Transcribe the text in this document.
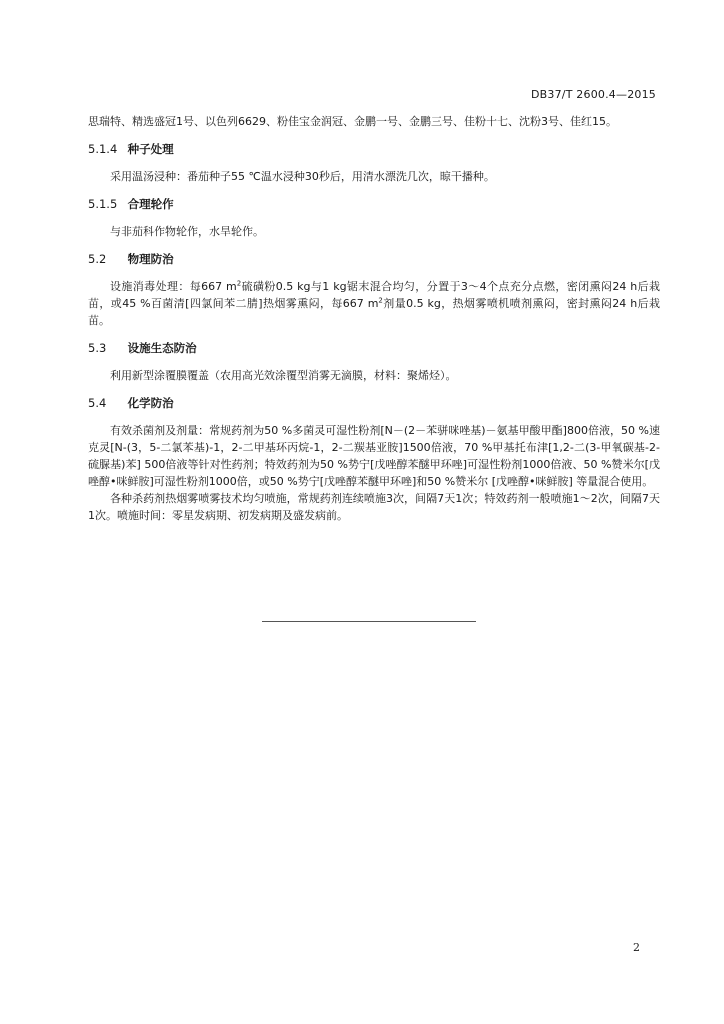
DB37/T 2600.4—2015

思瑞特、精选盛冠1号、以色列6629、粉佳宝金润冠、金鹏一号、金鹏三号、佳粉十七、沈粉3号、佳红15。

5.1.4 种子处理

采用温汤浸种：番茄种子55 ℃温水浸种30秒后，用清水漂洗几次，晾干播种。

5.1.5 合理轮作

与非茄科作物轮作，水旱轮作。

5.2 物理防治

设施消毒处理：每667 $m^2$硫磺粉0.5 kg与1 kg锯末混合均匀，分置于3～4个点充分点燃，密闭熏闷24 h后栽苗，或45 %百菌清[四氯间苯二腈]热烟雾熏闷，每667 $m^2$剂量0.5 kg，热烟雾喷机喷剂熏闷，密封熏闷24 h后栽苗。

5.3 设施生态防治

利用新型涂覆膜覆盖（农用高光效涂覆型消雾无滴膜，材料：聚烯烃）。

5.4 化学防治

有效杀菌剂及剂量：常规药剂为50 %多菌灵可湿性粉剂[N－(2－苯骈咪唑基)－氨基甲酸甲酯]800倍液，50 %速克灵[N-(3，5-二氯苯基)-1，2-二甲基环丙烷-1，2-二羰基亚胺]1500倍液，70 %甲基托布津[1,2-二(3-甲氧碳基-2-硫脲基)苯] 500倍液等针对性药剂；特效药剂为50 %势宁[戊唑醇苯醚甲环唑]可湿性粉剂1000倍液、50 %赞米尔[戊唑醇•咪鲜胺]可湿性粉剂1000倍，或50 %势宁[戊唑醇苯醚甲环唑]和50 %赞米尔 [戊唑醇•咪鲜胺] 等量混合使用。

各种杀药剂热烟雾喷雾技术均匀喷施，常规药剂连续喷施3次，间隔7天1次；特效药剂一般喷施1～2次，间隔7天1次。喷施时间：零星发病期、初发病期及盛发病前。

2
